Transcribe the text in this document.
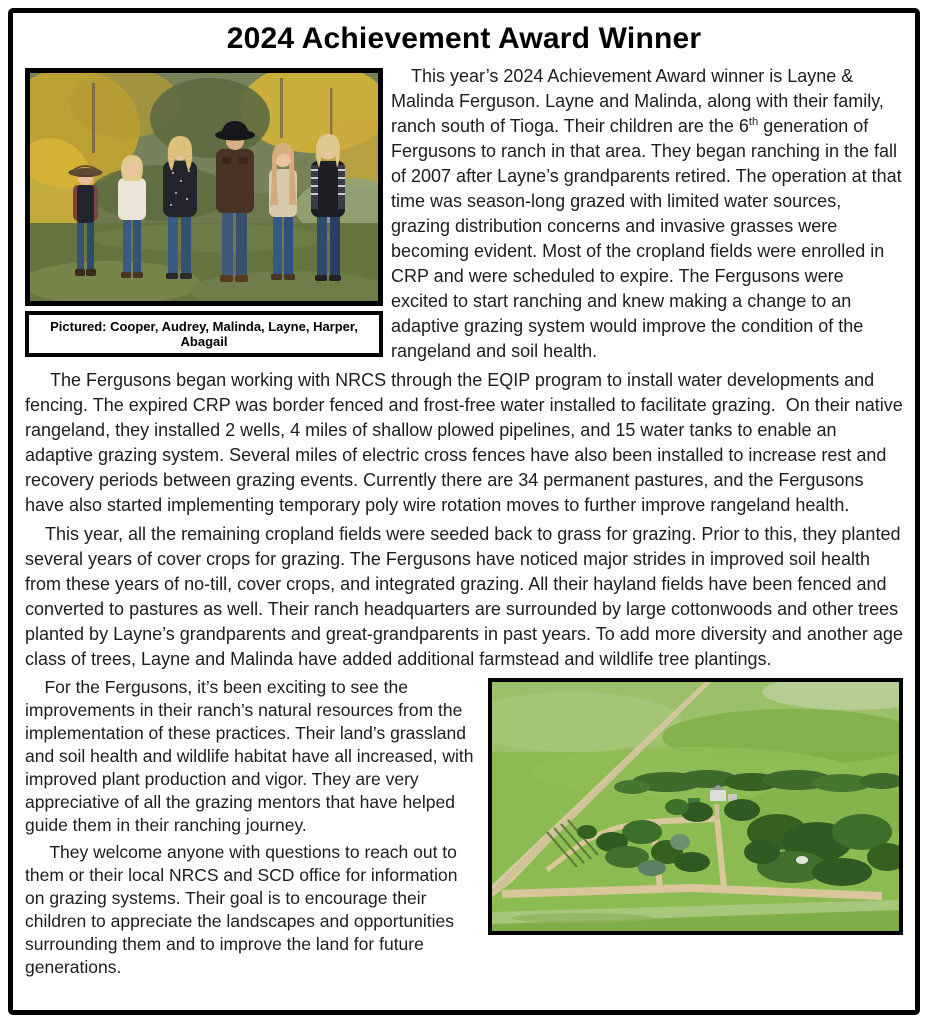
2024 Achievement Award Winner
Pictured: Cooper, Audrey, Malinda, Layne, Harper, Abagail

This year’s 2024 Achievement Award winner is Layne & Malinda Ferguson. Layne and Malinda, along with their family, ranch south of Tioga. Their children are the 6th generation of Fergusons to ranch in that area. They began ranching in the fall of 2007 after Layne’s grandparents retired. The operation at that time was season-long grazed with limited water sources, grazing distribution concerns and invasive grasses were becoming evident. Most of the cropland fields were enrolled in CRP and were scheduled to expire. The Fergusons were excited to start ranching and knew making a change to an adaptive grazing system would improve the condition of the rangeland and soil health.

The Fergusons began working with NRCS through the EQIP program to install water developments and fencing. The expired CRP was border fenced and frost-free water installed to facilitate grazing.  On their native rangeland, they installed 2 wells, 4 miles of shallow plowed pipelines, and 15 water tanks to enable an adaptive grazing system. Several miles of electric cross fences have also been installed to increase rest and recovery periods between grazing events. Currently there are 34 permanent pastures, and the Fergusons have also started implementing temporary poly wire rotation moves to further improve rangeland health.

This year, all the remaining cropland fields were seeded back to grass for grazing. Prior to this, they planted several years of cover crops for grazing. The Fergusons have noticed major strides in improved soil health from these years of no-till, cover crops, and integrated grazing. All their hayland fields have been fenced and converted to pastures as well. Their ranch headquarters are surrounded by large cottonwoods and other trees planted by Layne’s grandparents and great-grandparents in past years. To add more diversity and another age class of trees, Layne and Malinda have added additional farmstead and wildlife tree plantings.

For the Fergusons, it’s been exciting to see the improvements in their ranch’s natural resources from the implementation of these practices. Their land’s grassland and soil health and wildlife habitat have all increased, with improved plant production and vigor. They are very appreciative of all the grazing mentors that have helped guide them in their ranching journey.

They welcome anyone with questions to reach out to them or their local NRCS and SCD office for information on grazing systems. Their goal is to encourage their children to appreciate the landscapes and opportunities surrounding them and to improve the land for future generations.
